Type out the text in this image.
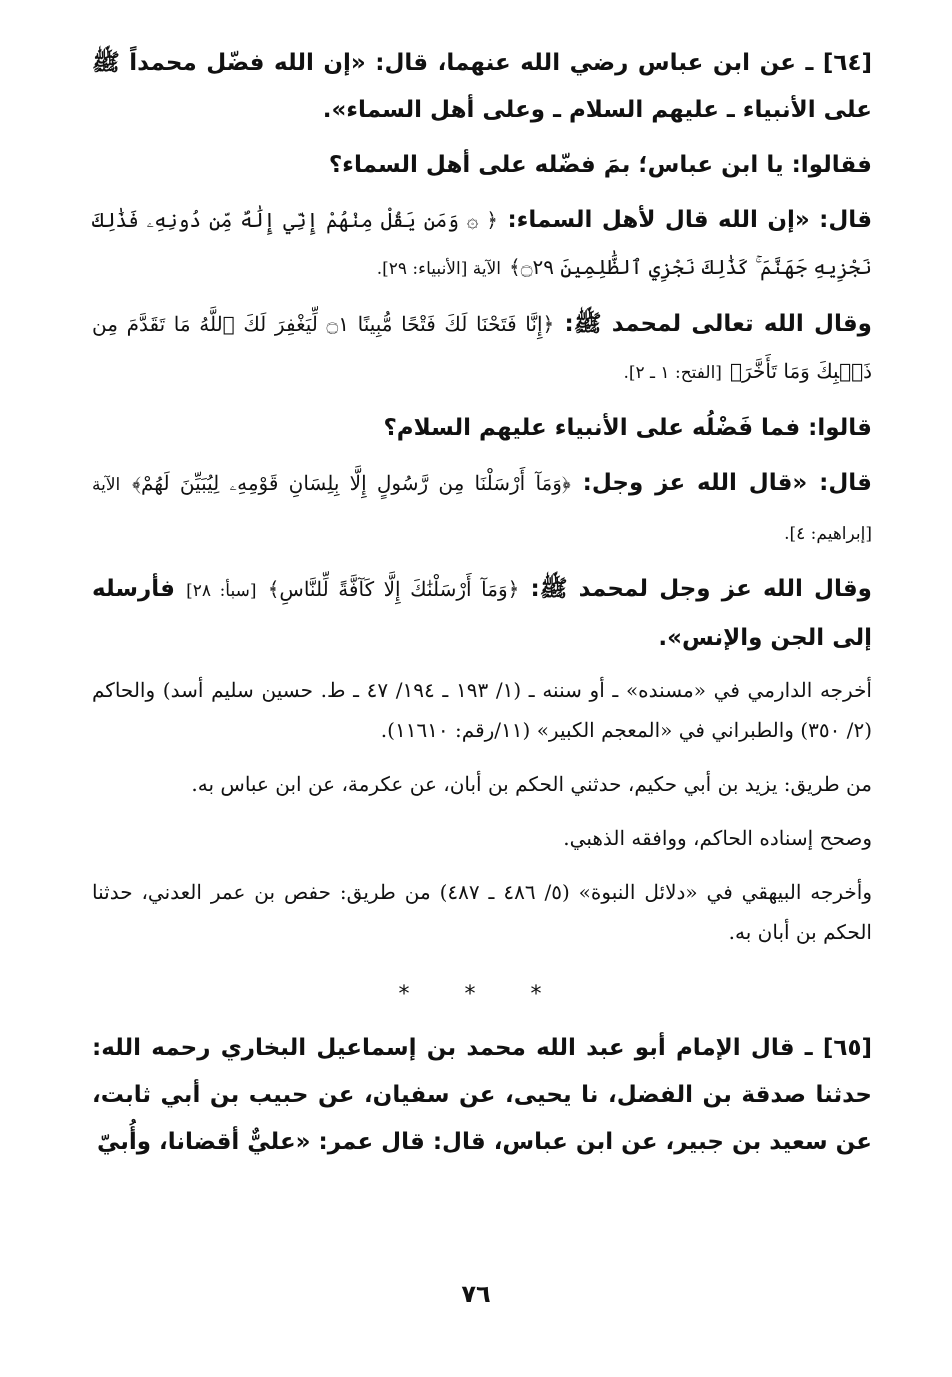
[٦٤] ـ عن ابن عباس رضي الله عنهما، قال: «إن الله فضّل محمداً ﷺ على الأنبياء ـ عليهم السلام ـ وعلى أهل السماء».
فقالوا: يا ابن عباس؛ بمَ فضّله على أهل السماء؟
قال: «إن الله قال لأهل السماء: ﴿ ۞ وَمَن يَقُلْ مِنْهُمْ إِنِّي إِلَٰهٌ مِّن دُونِهِۦ فَذَٰلِكَ نَجْزِيهِ جَهَنَّمَ ۚ كَذَٰلِكَ نَجْزِي ٱلظَّٰلِمِينَ ۝٢٩﴾ الآية [الأنبياء: ٢٩].
وقال الله تعالى لمحمد ﷺ: ﴿إِنَّا فَتَحْنَا لَكَ فَتْحًا مُّبِينًا ۝١ لِّيَغْفِرَ لَكَ ٱللَّهُ مَا تَقَدَّمَ مِن ذَنۢبِكَ وَمَا تَأَخَّرَ﴾ [الفتح: ١ ـ ٢].
قالوا: فما فَضْلُه على الأنبياء عليهم السلام؟
قال: «قال الله عز وجل: ﴿وَمَآ أَرْسَلْنَا مِن رَّسُولٍ إِلَّا بِلِسَانِ قَوْمِهِۦ لِيُبَيِّنَ لَهُمْ﴾ الآية [إبراهيم: ٤].
وقال الله عز وجل لمحمد ﷺ: ﴿وَمَآ أَرْسَلْنَٰكَ إِلَّا كَآفَّةً لِّلنَّاسِ﴾ [سبأ: ٢٨] فأرسله إلى الجن والإنس».
أخرجه الدارمي في «مسنده» ـ أو سننه ـ (١/ ١٩٣ ـ ١٩٤/ ٤٧ ـ ط. حسين سليم أسد) والحاكم (٢/ ٣٥٠) والطبراني في «المعجم الكبير» (١١/رقم: ١١٦١٠).
من طريق: يزيد بن أبي حكيم، حدثني الحكم بن أبان، عن عكرمة، عن ابن عباس به.
وصحح إسناده الحاكم، ووافقه الذهبي.
وأخرجه البيهقي في «دلائل النبوة» (٥/ ٤٨٦ ـ ٤٨٧) من طريق: حفص بن عمر العدني، حدثنا الحكم بن أبان به.
* * *
[٦٥] ـ قال الإمام أبو عبد الله محمد بن إسماعيل البخاري رحمه الله: حدثنا صدقة بن الفضل، نا يحيى، عن سفيان، عن حبيب بن أبي ثابت، عن سعيد بن جبير، عن ابن عباس، قال: قال عمر: «عليٌّ أقضانا، وأُبيّ
٧٦
